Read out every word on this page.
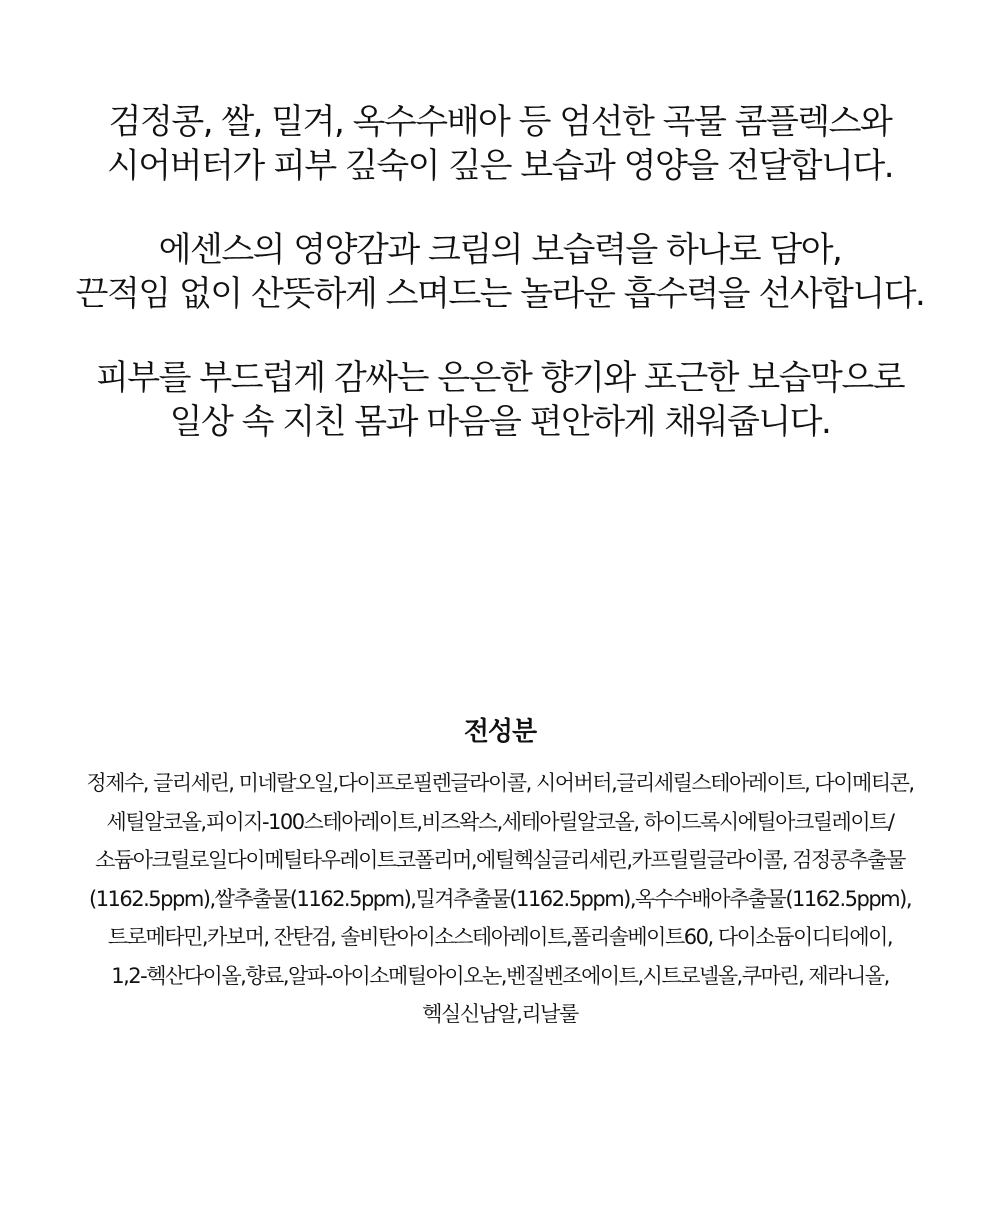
검정콩, 쌀, 밀겨, 옥수수배아 등 엄선한 곡물 콤플렉스와
시어버터가 피부 깊숙이 깊은 보습과 영양을 전달합니다.

에센스의 영양감과 크림의 보습력을 하나로 담아,
끈적임 없이 산뜻하게 스며드는 놀라운 흡수력을 선사합니다.

피부를 부드럽게 감싸는 은은한 향기와 포근한 보습막으로
일상 속 지친 몸과 마음을 편안하게 채워줍니다.

전성분
정제수, 글리세린, 미네랄오일,다이프로필렌글라이콜, 시어버터,글리세릴스테아레이트, 다이메티콘,
세틸알코올,피이지-100스테아레이트,비즈왁스,세테아릴알코올, 하이드록시에틸아크릴레이트/
소듐아크릴로일다이메틸타우레이트코폴리머,에틸헥실글리세린,카프릴릴글라이콜, 검정콩추출물
(1162.5ppm),쌀추출물(1162.5ppm),밀겨추출물(1162.5ppm),옥수수배아추출물(1162.5ppm),
트로메타민,카보머, 잔탄검, 솔비탄아이소스테아레이트,폴리솔베이트60, 다이소듐이디티에이,
1,2-헥산다이올,향료,알파-아이소메틸아이오논,벤질벤조에이트,시트로넬올,쿠마린, 제라니올,
헥실신남알,리날룰
